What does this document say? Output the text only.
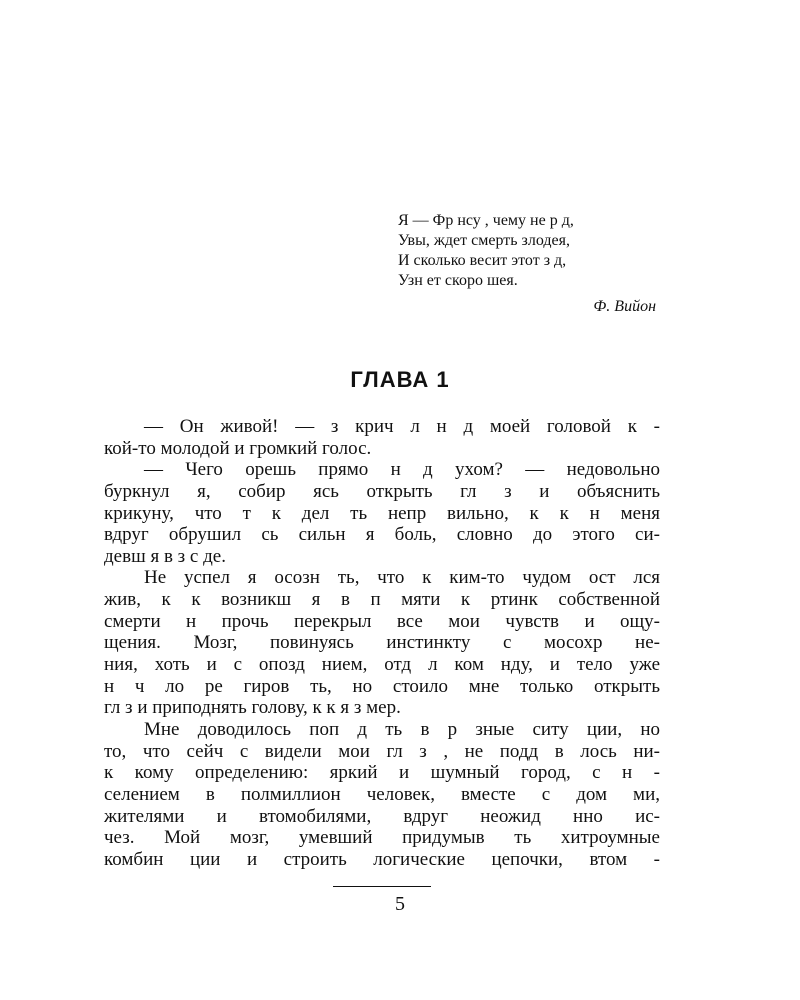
Я — Фр нсу , чему не р д,
Увы, ждет смерть злодея,
И сколько весит этот з д,
Узн ет скоро шея.
Ф. Вийон
ГЛАВА 1
— Он живой! — з крич л н д моей головой к -
кой-то молодой и громкий голос.
— Чего орешь прямо н д ухом? — недовольно
буркнул я, собир ясь открыть гл з и объяснить
крикуну, что т к дел ть непр вильно, к к н меня
вдруг обрушил сь сильн я боль, словно до этого си-
девш я в з с де.
Не успел я осозн ть, что к ким-то чудом ост лся
жив, к к возникш я в п мяти к ртинк собственной
смерти н прочь перекрыл все мои чувств и ощу-
щения. Мозг, повинуясь инстинкту с мосохр не-
ния, хоть и с опозд нием, отд л ком нду, и тело уже
н ч ло ре гиров ть, но стоило мне только открыть
гл з и приподнять голову, к к я з мер.
Мне доводилось поп д ть в р зные ситу ции, но
то, что сейч с видели мои гл з , не подд в лось ни-
к кому определению: яркий и шумный город, с н -
селением в полмиллион человек, вместе с дом ми,
жителями и втомобилями, вдруг неожид нно ис-
чез. Мой мозг, умевший придумыв ть хитроумные
комбин ции и строить логические цепочки, втом -
5
